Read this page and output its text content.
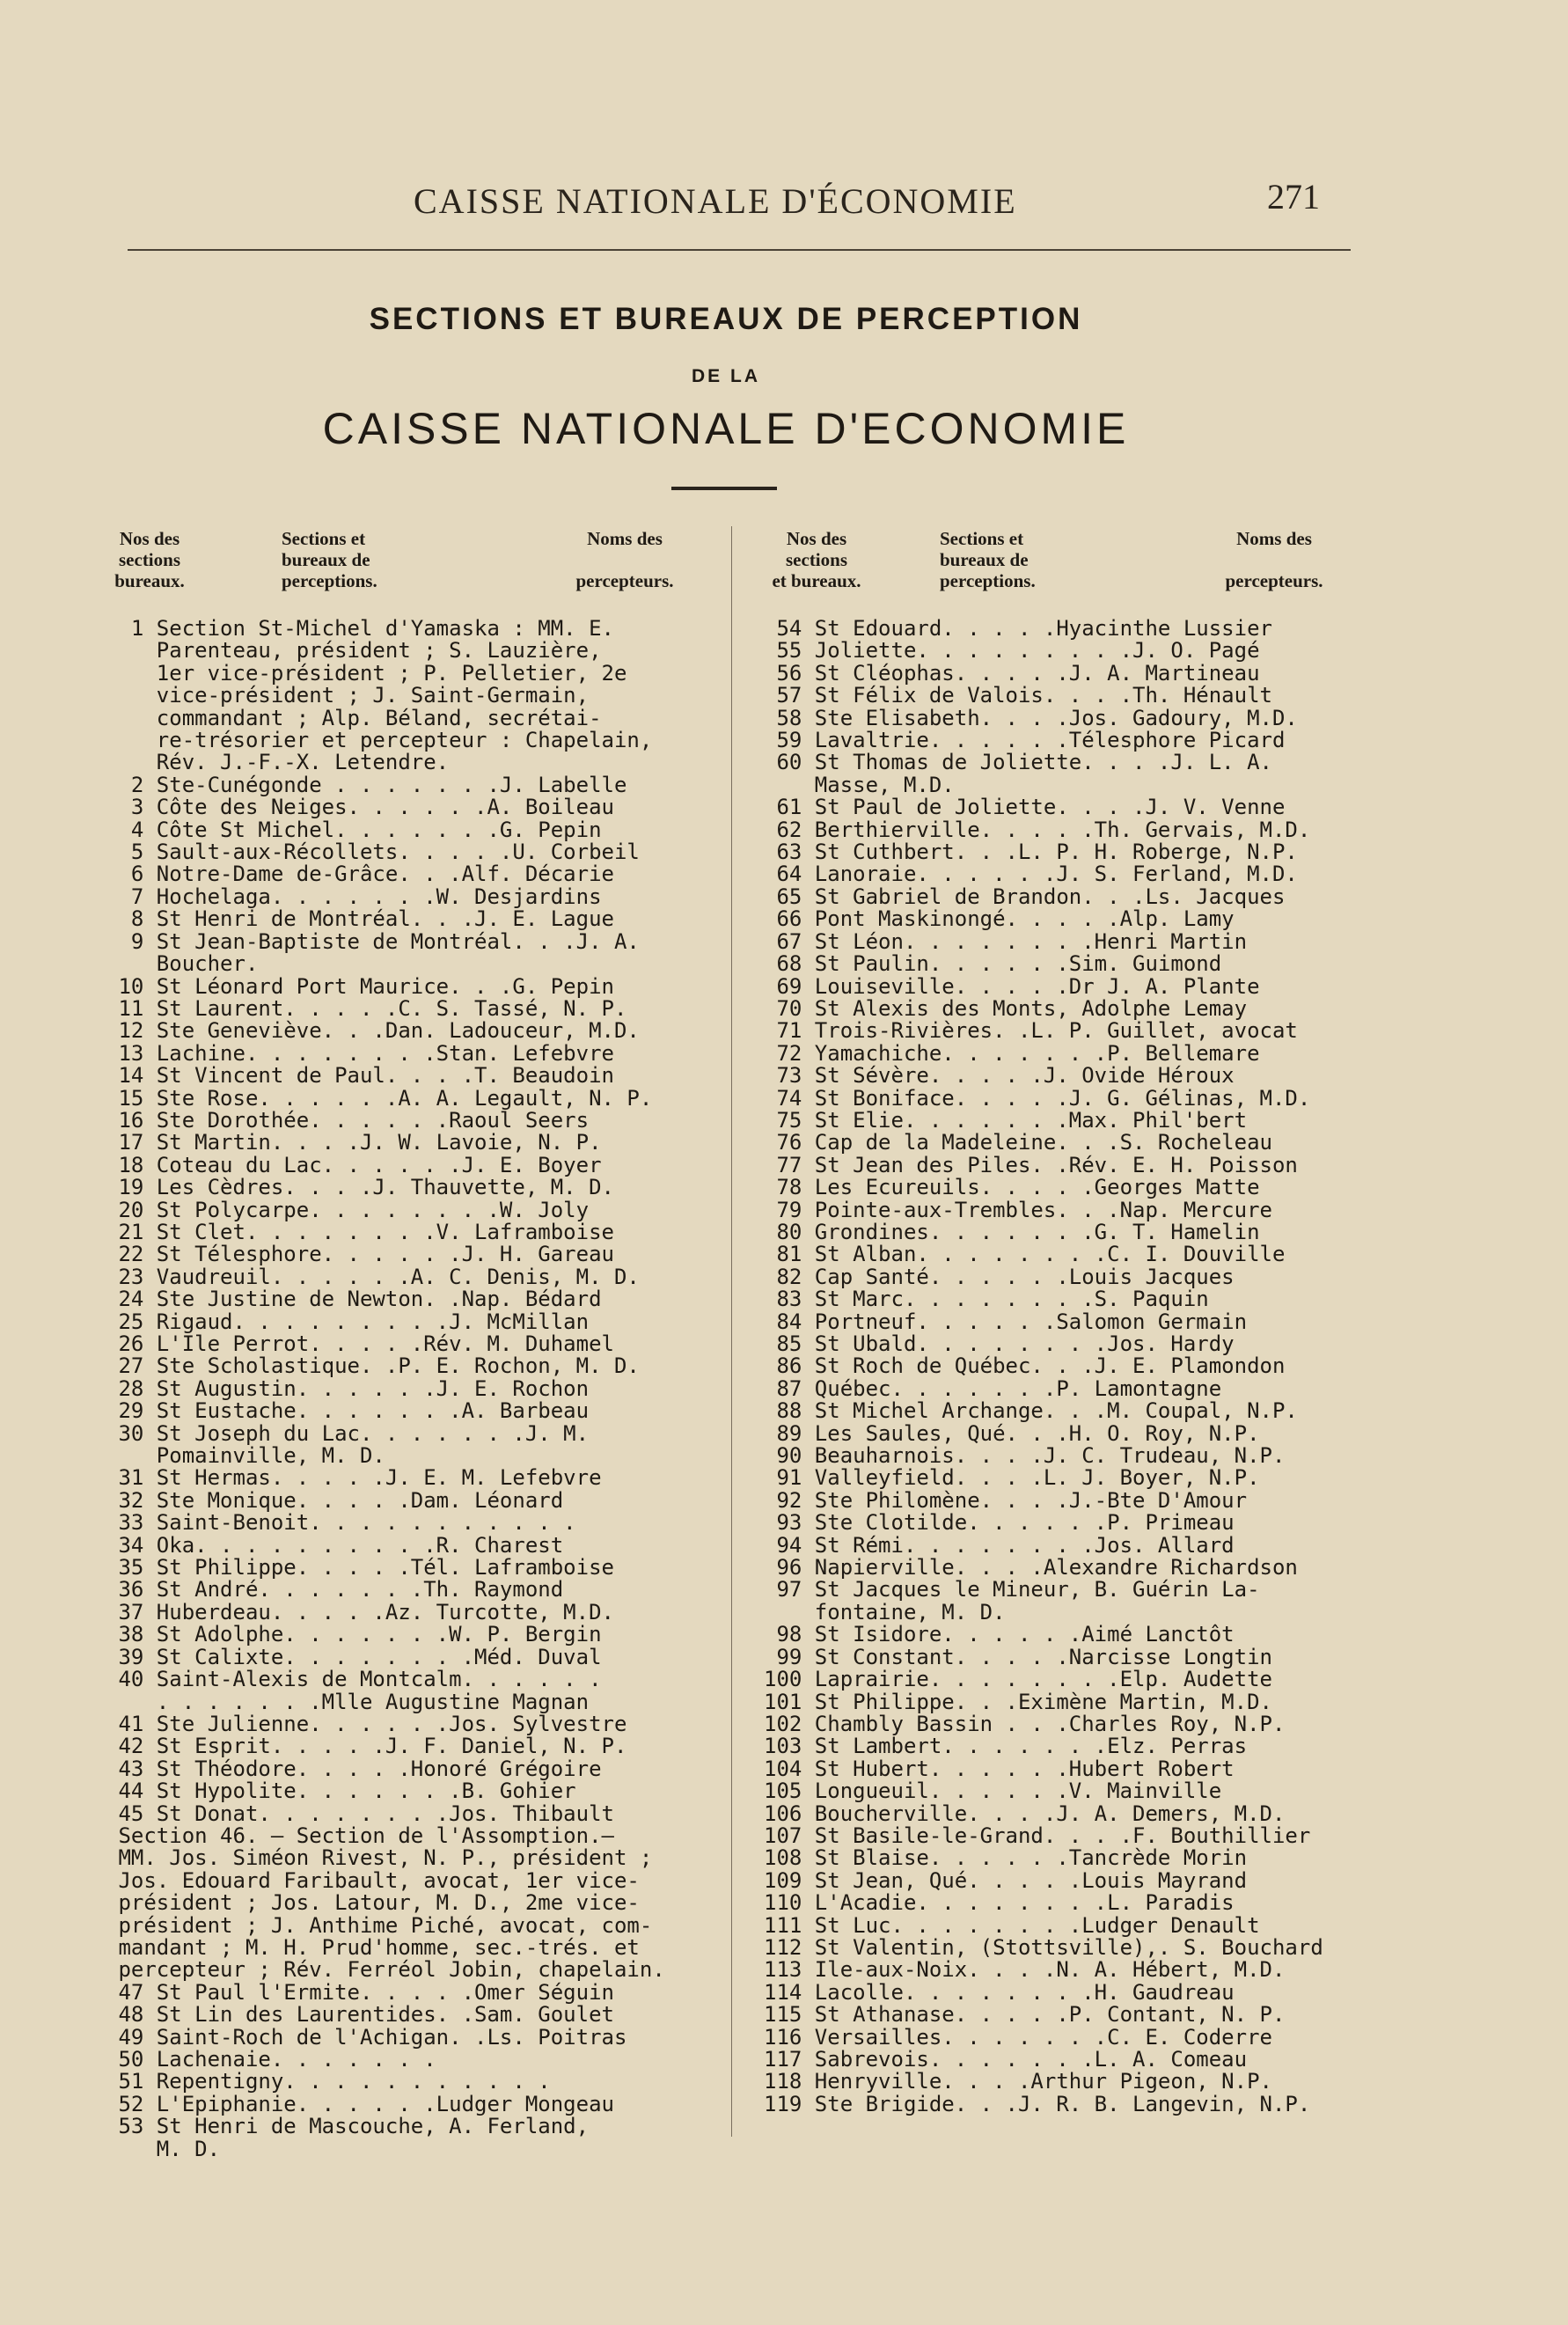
CAISSE NATIONALE D'ÉCONOMIE	271
SECTIONS ET BUREAUX DE PERCEPTION
DE LA
CAISSE NATIONALE D'ECONOMIE
Nos des
sections
bureaux.
Sections et
bureaux de
perceptions.
Noms des

percepteurs.
1 Section St-Michel d'Yamaska : MM. E.
Parenteau, président ; S. Lauzière,
1er vice-président ; P. Pelletier, 2e
vice-président ; J. Saint-Germain,
commandant ; Alp. Béland, secrétai-
re-trésorier et percepteur : Chapelain,
Rév. J.-F.-X. Letendre.
2 Ste-Cunégonde . . . . . . .J. Labelle
3 Côte des Neiges. . . . . .A. Boileau
4 Côte St Michel. . . . . . .G. Pepin
5 Sault-aux-Récollets. . . . .U. Corbeil
6 Notre-Dame de-Grâce. . .Alf. Décarie
7 Hochelaga. . . . . . .W. Desjardins
8 St Henri de Montréal. . .J. E. Lague
9 St Jean-Baptiste de Montréal. . .J. A.
Boucher.
10 St Léonard Port Maurice. . .G. Pepin
11 St Laurent. . . . .C. S. Tassé, N. P.
12 Ste Geneviève. . .Dan. Ladouceur, M.D.
13 Lachine. . . . . . . .Stan. Lefebvre
14 St Vincent de Paul. . . .T. Beaudoin
15 Ste Rose. . . . . .A. A. Legault, N. P.
16 Ste Dorothée. . . . . .Raoul Seers
17 St Martin. . . .J. W. Lavoie, N. P.
18 Coteau du Lac. . . . . .J. E. Boyer
19 Les Cèdres. . . .J. Thauvette, M. D.
20 St Polycarpe. . . . . . . .W. Joly
21 St Clet. . . . . . . .V. Laframboise
22 St Télesphore. . . . . .J. H. Gareau
23 Vaudreuil. . . . . .A. C. Denis, M. D.
24 Ste Justine de Newton. .Nap. Bédard
25 Rigaud. . . . . . . . .J. McMillan
26 L'Ile Perrot. . . . .Rév. M. Duhamel
27 Ste Scholastique. .P. E. Rochon, M. D.
28 St Augustin. . . . . .J. E. Rochon
29 St Eustache. . . . . . .A. Barbeau
30 St Joseph du Lac. . . . . . .J. M.
Pomainville, M. D.
31 St Hermas. . . . .J. E. M. Lefebvre
32 Ste Monique. . . . .Dam. Léonard
33 Saint-Benoit. . . . . . . . . . .
34 Oka. . . . . . . . . .R. Charest
35 St Philippe. . . . .Tél. Laframboise
36 St André. . . . . . .Th. Raymond
37 Huberdeau. . . . .Az. Turcotte, M.D.
38 St Adolphe. . . . . . .W. P. Bergin
39 St Calixte. . . . . . . .Méd. Duval
40 Saint-Alexis de Montcalm. . . . . .
. . . . . . .Mlle Augustine Magnan
41 Ste Julienne. . . . . .Jos. Sylvestre
42 St Esprit. . . . .J. F. Daniel, N. P.
43 St Théodore. . . . .Honoré Grégoire
44 St Hypolite. . . . . . .B. Gohier
45 St Donat. . . . . . . .Jos. Thibault
Section 46. — Section de l'Assomption.—
MM. Jos. Siméon Rivest, N. P., président ;
Jos. Edouard Faribault, avocat, 1er vice-
président ; Jos. Latour, M. D., 2me vice-
président ; J. Anthime Piché, avocat, com-
mandant ; M. H. Prud'homme, sec.-trés. et
percepteur ; Rév. Ferréol Jobin, chapelain.
47 St Paul l'Ermite. . . . .Omer Séguin
48 St Lin des Laurentides. .Sam. Goulet
49 Saint-Roch de l'Achigan. .Ls. Poitras
50 Lachenaie. . . . . . .
51 Repentigny. . . . . . . . . . .
52 L'Epiphanie. . . . . .Ludger Mongeau
53 St Henri de Mascouche, A. Ferland,
M. D.
Nos des
sections
et bureaux.
Sections et
bureaux de
perceptions.
Noms des

percepteurs.
54 St Edouard. . . . .Hyacinthe Lussier
55 Joliette. . . . . . . . .J. O. Pagé
56 St Cléophas. . . . .J. A. Martineau
57 St Félix de Valois. . . .Th. Hénault
58 Ste Elisabeth. . . .Jos. Gadoury, M.D.
59 Lavaltrie. . . . . .Télesphore Picard
60 St Thomas de Joliette. . . .J. L. A.
Masse, M.D.
61 St Paul de Joliette. . . .J. V. Venne
62 Berthierville. . . . .Th. Gervais, M.D.
63 St Cuthbert. . .L. P. H. Roberge, N.P.
64 Lanoraie. . . . . .J. S. Ferland, M.D.
65 St Gabriel de Brandon. . .Ls. Jacques
66 Pont Maskinongé. . . . .Alp. Lamy
67 St Léon. . . . . . . .Henri Martin
68 St Paulin. . . . . .Sim. Guimond
69 Louiseville. . . . .Dr J. A. Plante
70 St Alexis des Monts, Adolphe Lemay
71 Trois-Rivières. .L. P. Guillet, avocat
72 Yamachiche. . . . . . .P. Bellemare
73 St Sévère. . . . .J. Ovide Héroux
74 St Boniface. . . . .J. G. Gélinas, M.D.
75 St Elie. . . . . . .Max. Phil'bert
76 Cap de la Madeleine. . .S. Rocheleau
77 St Jean des Piles. .Rév. E. H. Poisson
78 Les Ecureuils. . . . .Georges Matte
79 Pointe-aux-Trembles. . .Nap. Mercure
80 Grondines. . . . . . .G. T. Hamelin
81 St Alban. . . . . . . .C. I. Douville
82 Cap Santé. . . . . .Louis Jacques
83 St Marc. . . . . . . .S. Paquin
84 Portneuf. . . . . .Salomon Germain
85 St Ubald. . . . . . . .Jos. Hardy
86 St Roch de Québec. . .J. E. Plamondon
87 Québec. . . . . . .P. Lamontagne
88 St Michel Archange. . .M. Coupal, N.P.
89 Les Saules, Qué. . .H. O. Roy, N.P.
90 Beauharnois. . . .J. C. Trudeau, N.P.
91 Valleyfield. . . .L. J. Boyer, N.P.
92 Ste Philomène. . . .J.-Bte D'Amour
93 Ste Clotilde. . . . . .P. Primeau
94 St Rémi. . . . . . . .Jos. Allard
96 Napierville. . . .Alexandre Richardson
97 St Jacques le Mineur, B. Guérin La-
fontaine, M. D.
98 St Isidore. . . . . .Aimé Lanctôt
99 St Constant. . . . .Narcisse Longtin
100 Laprairie. . . . . . . .Elp. Audette
101 St Philippe. . .Eximène Martin, M.D.
102 Chambly Bassin . . .Charles Roy, N.P.
103 St Lambert. . . . . . .Elz. Perras
104 St Hubert. . . . . .Hubert Robert
105 Longueuil. . . . . .V. Mainville
106 Boucherville. . . .J. A. Demers, M.D.
107 St Basile-le-Grand. . . .F. Bouthillier
108 St Blaise. . . . . .Tancrède Morin
109 St Jean, Qué. . . . .Louis Mayrand
110 L'Acadie. . . . . . . .L. Paradis
111 St Luc. . . . . . . .Ludger Denault
112 St Valentin, (Stottsville),. S. Bouchard
113 Ile-aux-Noix. . . .N. A. Hébert, M.D.
114 Lacolle. . . . . . . .H. Gaudreau
115 St Athanase. . . . .P. Contant, N. P.
116 Versailles. . . . . . .C. E. Coderre
117 Sabrevois. . . . . . .L. A. Comeau
118 Henryville. . . .Arthur Pigeon, N.P.
119 Ste Brigide. . .J. R. B. Langevin, N.P.
